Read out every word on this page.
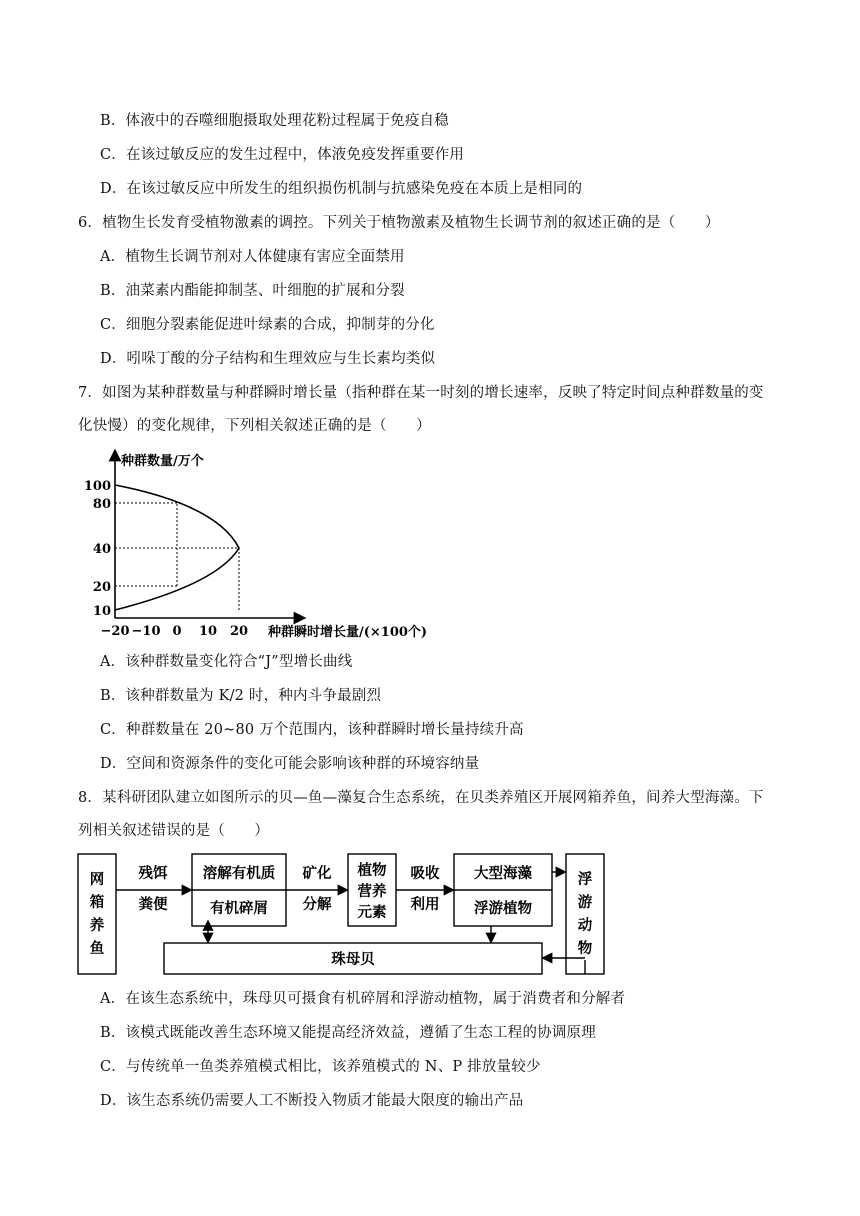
B．体液中的吞噬细胞摄取处理花粉过程属于免疫自稳
C．在该过敏反应的发生过程中，体液免疫发挥重要作用
D．在该过敏反应中所发生的组织损伤机制与抗感染免疫在本质上是相同的
6．植物生长发育受植物激素的调控。下列关于植物激素及植物生长调节剂的叙述正确的是（　　）
A．植物生长调节剂对人体健康有害应全面禁用
B．油菜素内酯能抑制茎、叶细胞的扩展和分裂
C．细胞分裂素能促进叶绿素的合成，抑制芽的分化
D．吲哚丁酸的分子结构和生理效应与生长素均类似
7．如图为某种群数量与种群瞬时增长量（指种群在某一时刻的增长速率，反映了特定时间点种群数量的变
化快慢）的变化规律，下列相关叙述正确的是（　　）
10
20
40
80
100
−20 −10 0 10 20
种群数量/万个
种群瞬时增长量/(×100个)
A．该种群数量变化符合“J”型增长曲线
B．该种群数量为 K/2 时，种内斗争最剧烈
C．种群数量在 20~80 万个范围内，该种群瞬时增长量持续升高
D．空间和资源条件的变化可能会影响该种群的环境容纳量
8．某科研团队建立如图所示的贝—鱼—藻复合生态系统，在贝类养殖区开展网箱养鱼，间养大型海藻。下
列相关叙述错误的是（　　）
网
箱
养
鱼
残饵
粪便
溶解有机质
有机碎屑
矿化
分解
植物
营养
元素
吸收
利用
大型海藻
浮游植物
浮
游
动
物
珠母贝
A．在该生态系统中，珠母贝可摄食有机碎屑和浮游动植物，属于消费者和分解者
B．该模式既能改善生态环境又能提高经济效益，遵循了生态工程的协调原理
C．与传统单一鱼类养殖模式相比，该养殖模式的 N、P 排放量较少
D．该生态系统仍需要人工不断投入物质才能最大限度的输出产品
